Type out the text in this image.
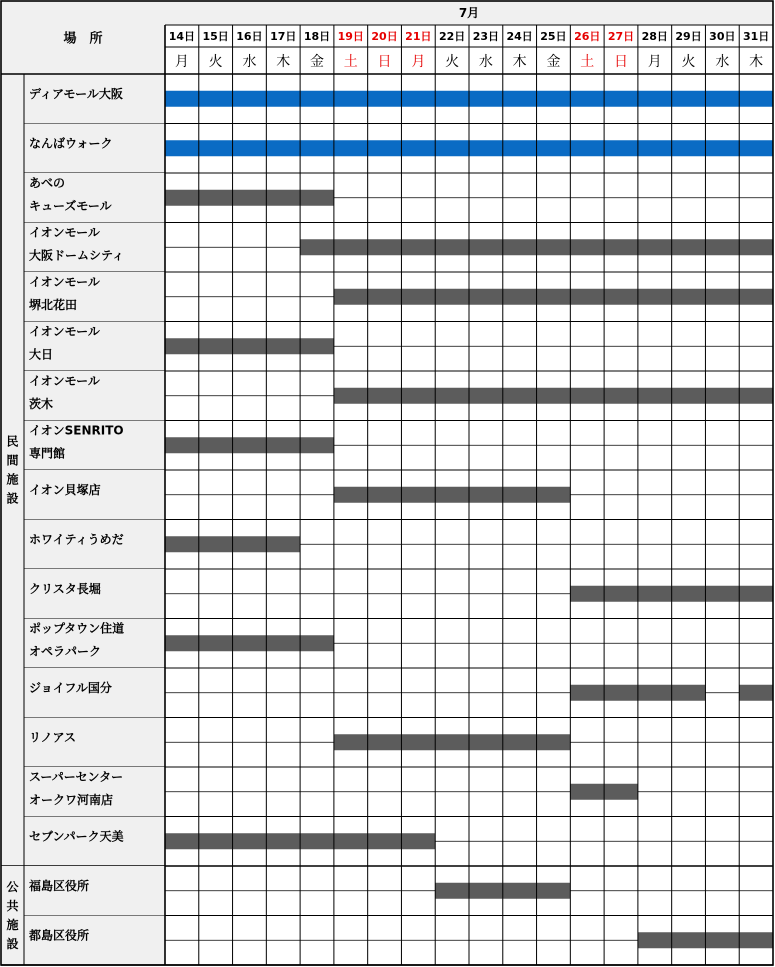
場　所
7月
14日
月
15日
火
16日
水
17日
木
18日
金
19日
土
20日
日
21日
月
22日
火
23日
水
24日
木
25日
金
26日
土
27日
日
28日
月
29日
火
30日
水
31日
木
民間施設
ディアモール大阪
なんばウォーク
あべの
キューズモール
イオンモール
大阪ドームシティ
イオンモール
堺北花田
イオンモール
大日
イオンモール
茨木
イオンSENRITO
専門館
イオン貝塚店
ホワイティうめだ
クリスタ長堀
ポップタウン住道
オペラパーク
ジョイフル国分
リノアス
スーパーセンター
オークワ河南店
セブンパーク天美
公共施設
福島区役所
都島区役所
